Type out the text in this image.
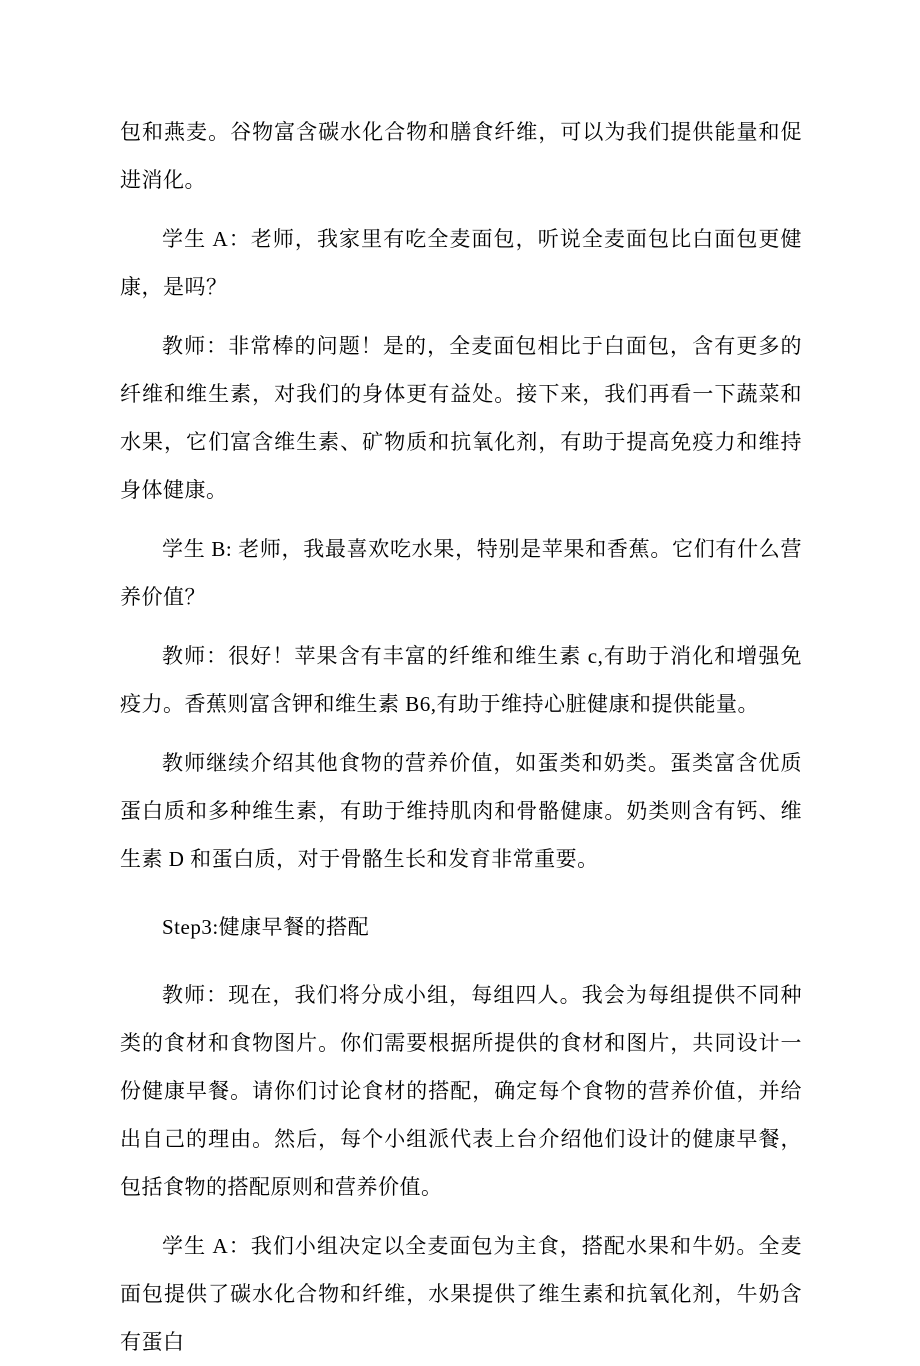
包和燕麦。谷物富含碳水化合物和膳食纤维，可以为我们提供能量和促进消化。

学生 A：老师，我家里有吃全麦面包，听说全麦面包比白面包更健康，是吗？

教师：非常棒的问题！是的，全麦面包相比于白面包，含有更多的纤维和维生素，对我们的身体更有益处。接下来，我们再看一下蔬菜和水果，它们富含维生素、矿物质和抗氧化剂，有助于提高免疫力和维持身体健康。

学生 B: 老师，我最喜欢吃水果，特别是苹果和香蕉。它们有什么营养价值？

教师：很好！苹果含有丰富的纤维和维生素 c,有助于消化和增强免疫力。香蕉则富含钾和维生素 B6,有助于维持心脏健康和提供能量。

教师继续介绍其他食物的营养价值，如蛋类和奶类。蛋类富含优质蛋白质和多种维生素，有助于维持肌肉和骨骼健康。奶类则含有钙、维生素 D 和蛋白质，对于骨骼生长和发育非常重要。

Step3:健康早餐的搭配

教师：现在，我们将分成小组，每组四人。我会为每组提供不同种类的食材和食物图片。你们需要根据所提供的食材和图片，共同设计一份健康早餐。请你们讨论食材的搭配，确定每个食物的营养价值，并给出自己的理由。然后，每个小组派代表上台介绍他们设计的健康早餐，包括食物的搭配原则和营养价值。

学生 A：我们小组决定以全麦面包为主食，搭配水果和牛奶。全麦面包提供了碳水化合物和纤维，水果提供了维生素和抗氧化剂，牛奶含有蛋白
